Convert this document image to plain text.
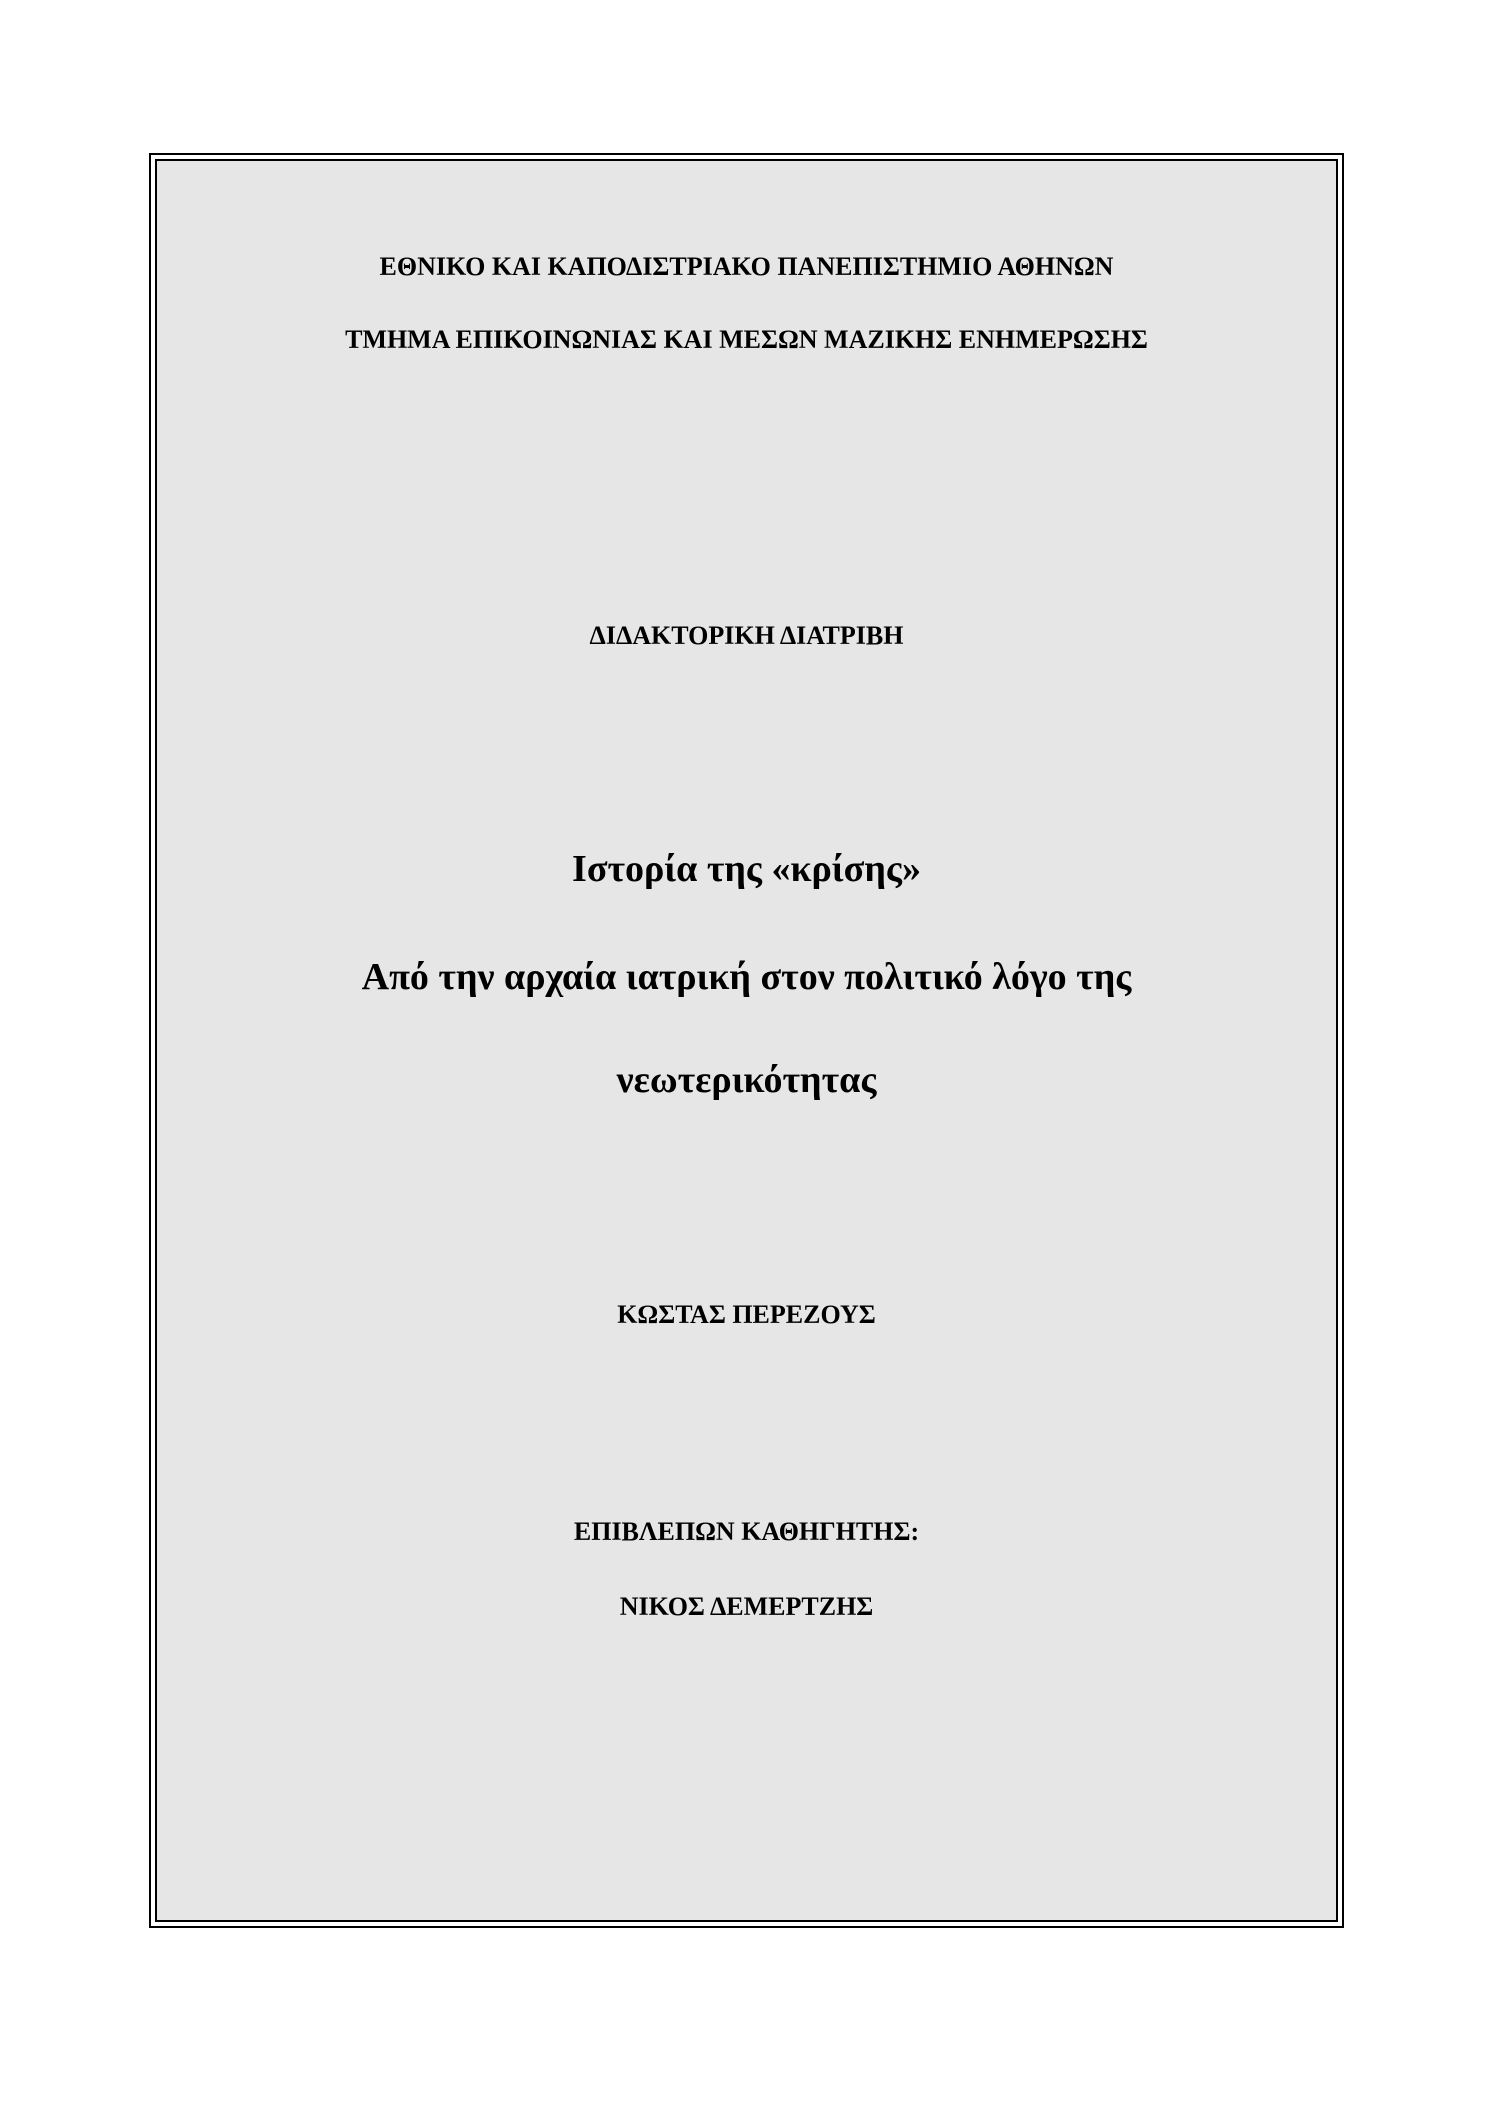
ΕΘΝΙΚΟ ΚΑΙ ΚΑΠΟΔΙΣΤΡΙΑΚΟ ΠΑΝΕΠΙΣΤΗΜΙΟ ΑΘΗΝΩΝ
ΤΜΗΜΑ ΕΠΙΚΟΙΝΩΝΙΑΣ ΚΑΙ ΜΕΣΩΝ ΜΑΖΙΚΗΣ ΕΝΗΜΕΡΩΣΗΣ
ΔΙΔΑΚΤΟΡΙΚΗ ΔΙΑΤΡΙΒΗ
Ιστορία της «κρίσης»
Από την αρχαία ιατρική στον πολιτικό λόγο της
νεωτερικότητας
ΚΩΣΤΑΣ ΠΕΡΕΖΟΥΣ
ΕΠΙΒΛΕΠΩΝ ΚΑΘΗΓΗΤΗΣ:
ΝΙΚΟΣ ΔΕΜΕΡΤΖΗΣ
